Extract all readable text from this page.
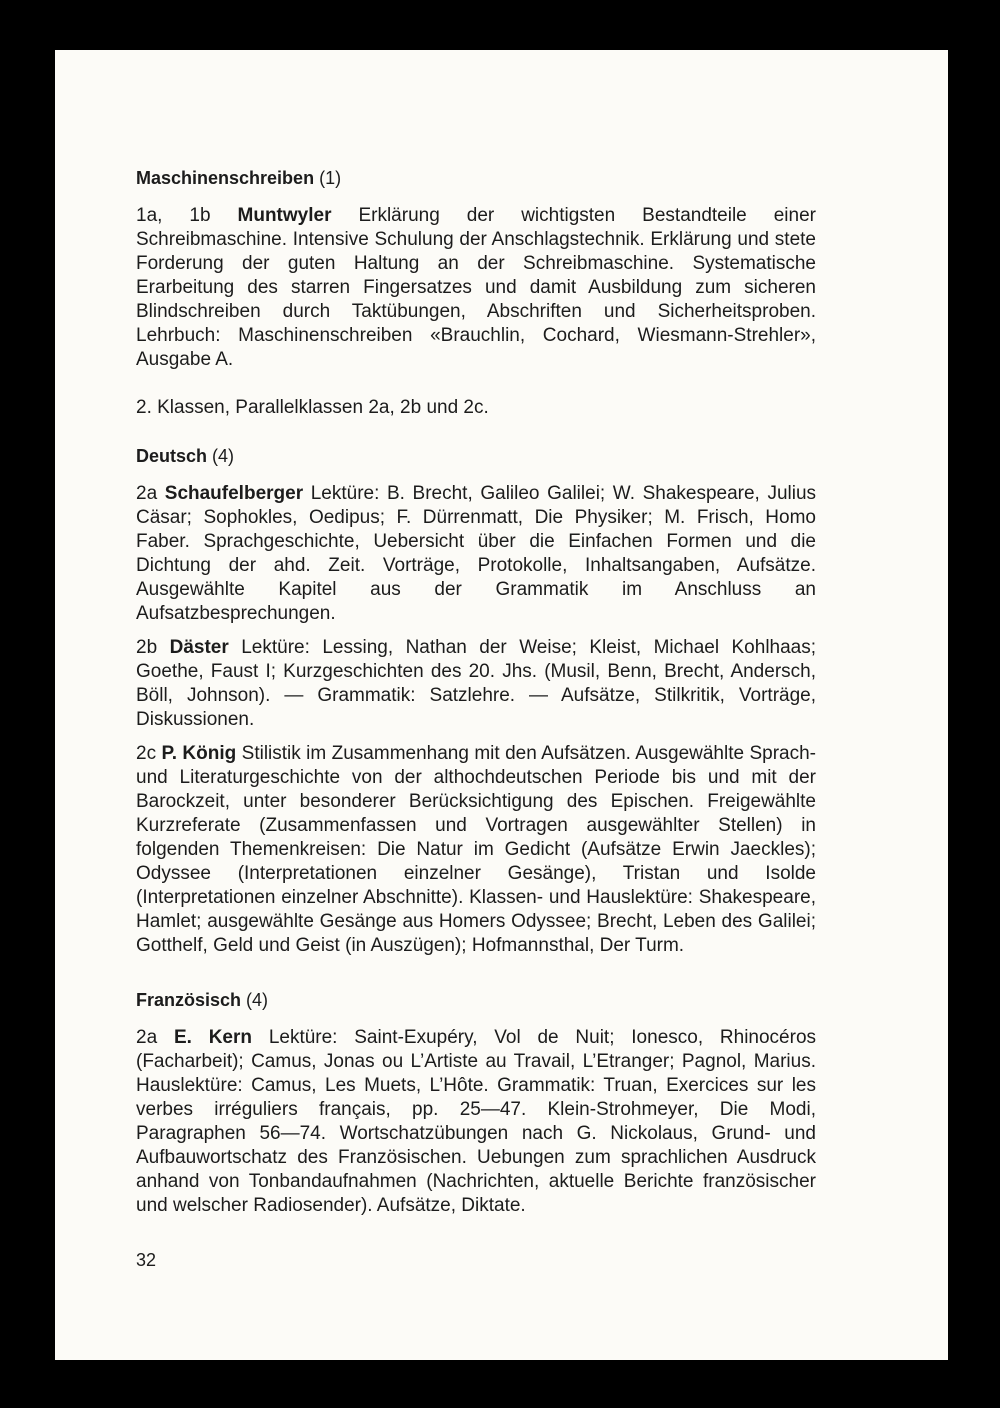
Maschinenschreiben (1)

1a, 1b Muntwyler Erklärung der wichtigsten Bestandteile einer Schreibmaschine. Intensive Schulung der Anschlagstechnik. Erklärung und stete Forderung der guten Haltung an der Schreibmaschine. Systematische Erarbeitung des starren Fingersatzes und damit Ausbildung zum sicheren Blindschreiben durch Taktübungen, Abschriften und Sicherheitsproben. Lehrbuch: Maschinenschreiben «Brauchlin, Cochard, Wiesmann-Strehler», Ausgabe A.

2. Klassen, Parallelklassen 2a, 2b und 2c.

Deutsch (4)

2a Schaufelberger Lektüre: B. Brecht, Galileo Galilei; W. Shakespeare, Julius Cäsar; Sophokles, Oedipus; F. Dürrenmatt, Die Physiker; M. Frisch, Homo Faber. Sprachgeschichte, Uebersicht über die Einfachen Formen und die Dichtung der ahd. Zeit. Vorträge, Protokolle, Inhaltsangaben, Aufsätze. Ausgewählte Kapitel aus der Grammatik im Anschluss an Aufsatzbesprechungen.

2b Däster Lektüre: Lessing, Nathan der Weise; Kleist, Michael Kohlhaas; Goethe, Faust I; Kurzgeschichten des 20. Jhs. (Musil, Benn, Brecht, Andersch, Böll, Johnson). — Grammatik: Satzlehre. — Aufsätze, Stilkritik, Vorträge, Diskussionen.

2c P. König Stilistik im Zusammenhang mit den Aufsätzen. Ausgewählte Sprach- und Literaturgeschichte von der althochdeutschen Periode bis und mit der Barockzeit, unter besonderer Berücksichtigung des Epischen. Freigewählte Kurzreferate (Zusammenfassen und Vortragen ausgewählter Stellen) in folgenden Themenkreisen: Die Natur im Gedicht (Aufsätze Erwin Jaeckles); Odyssee (Interpretationen einzelner Gesänge), Tristan und Isolde (Interpretationen einzelner Abschnitte). Klassen- und Hauslektüre: Shakespeare, Hamlet; ausgewählte Gesänge aus Homers Odyssee; Brecht, Leben des Galilei; Gotthelf, Geld und Geist (in Auszügen); Hofmannsthal, Der Turm.

Französisch (4)

2a E. Kern Lektüre: Saint-Exupéry, Vol de Nuit; Ionesco, Rhinocéros (Facharbeit); Camus, Jonas ou L’Artiste au Travail, L’Etranger; Pagnol, Marius. Hauslektüre: Camus, Les Muets, L’Hôte. Grammatik: Truan, Exercices sur les verbes irréguliers français, pp. 25—47. Klein-Strohmeyer, Die Modi, Paragraphen 56—74. Wortschatzübungen nach G. Nickolaus, Grund- und Aufbauwortschatz des Französischen. Uebungen zum sprachlichen Ausdruck anhand von Tonbandaufnahmen (Nachrichten, aktuelle Berichte französischer und welscher Radiosender). Aufsätze, Diktate.

32
